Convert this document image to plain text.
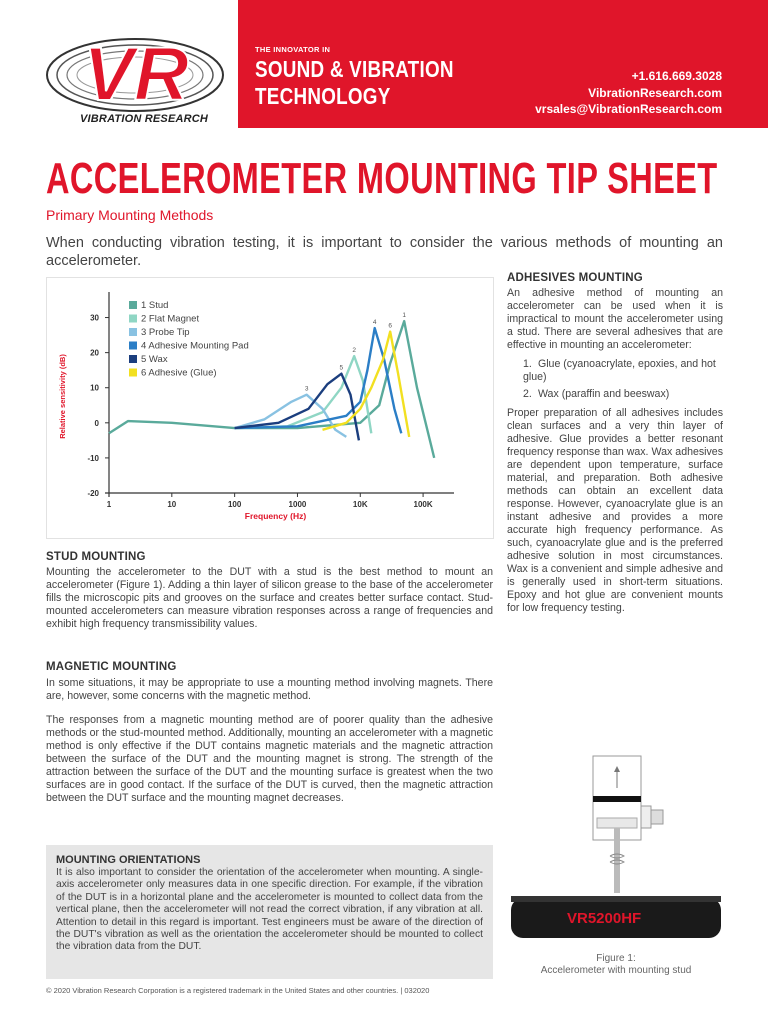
VR
VIBRATION RESEARCH
THE INNOVATOR IN
SOUND & VIBRATION
TECHNOLOGY
+1.616.669.3028
VibrationResearch.com
vrsales@VibrationResearch.com
ACCELEROMETER MOUNTING TIP SHEET
Primary Mounting Methods
When conducting vibration testing, it is important to consider the various methods of mounting an accelerometer.
30
20
10
0
-10
-20
1	10	100	1000	10K	100K
Frequency (Hz)
Relative sensitivity (dB)
1
2
3
4
5
6
1 Stud
2 Flat Magnet
3 Probe Tip
4 Adhesive Mounting Pad
5 Wax
6 Adhesive (Glue)
STUD MOUNTING

Mounting the accelerometer to the DUT with a stud is the best method to mount an accelerometer (Figure 1). Adding a thin layer of silicon grease to the base of the accelerometer fills the microscopic pits and grooves on the surface and creates better surface contact. Stud-mounted accelerometers can measure vibration responses across a range of frequencies and exhibit high frequency transmissibility values.

MAGNETIC MOUNTING

In some situations, it may be appropriate to use a mounting method involving magnets. There are, however, some concerns with the magnetic method.

The responses from a magnetic mounting method are of poorer quality than the adhesive methods or the stud-mounted method. Additionally, mounting an accelerometer with a magnetic method is only effective if the DUT contains magnetic materials and the magnetic attraction between the surface of the DUT and the mounting magnet is strong. The strength of the attraction between the surface of the DUT and the mounting surface is greatest when the two surfaces are in good contact. If the surface of the DUT is curved, then the magnetic attraction between the DUT surface and the mounting magnet decreases.

MOUNTING ORIENTATIONS

It is also important to consider the orientation of the accelerometer when mounting. A single-axis accelerometer only measures data in one specific direction. For example, if the vibration of the DUT is in a horizontal plane and the accelerometer is mounted to collect data from the vertical plane, then the accelerometer will not read the correct vibration, if any vibration at all. Attention to detail in this regard is important. Test engineers must be aware of the direction of the DUT's vibration as well as the orientation the accelerometer should be mounted to collect the vibration data from the DUT.

© 2020 Vibration Research Corporation is a registered trademark in the United States and other countries. | 032020
ADHESIVES MOUNTING

An adhesive method of mounting an accelerometer can be used when it is impractical to mount the accelerometer using a stud. There are several adhesives that are effective in mounting an accelerometer:

1. Glue (cyanoacrylate, epoxies, and hot glue)
2. Wax (paraffin and beeswax)

Proper preparation of all adhesives includes clean surfaces and a very thin layer of adhesive. Glue provides a better resonant frequency response than wax. Wax adhesives are dependent upon temperature, surface material, and preparation. Both adhesive methods can obtain an excellent data response. However, cyanoacrylate glue is an instant adhesive and provides a more accurate high frequency performance. As such, cyanoacrylate glue and is the preferred adhesive solution in most circumstances. Wax is a convenient and simple adhesive and is generally used in short-term situations. Epoxy and hot glue are convenient mounts for low frequency testing.

VR5200HF
Figure 1:
Accelerometer with mounting stud
